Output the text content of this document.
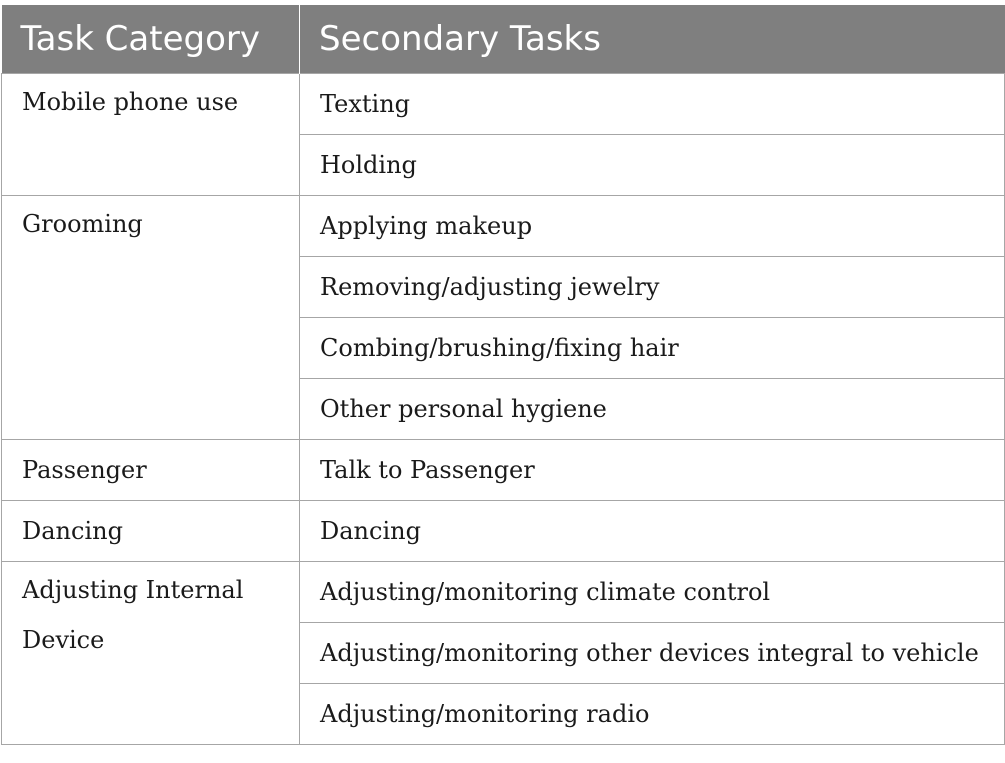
Task Category	Secondary Tasks

Mobile phone use	Texting
	Holding

Grooming	Applying makeup
	Removing/adjusting jewelry
	Combing/brushing/fixing hair
	Other personal hygiene
Passenger	Talk to Passenger
Dancing	Dancing

Adjusting Internal Device	Adjusting/monitoring climate control
	Adjusting/monitoring other devices integral to vehicle
	Adjusting/monitoring radio
